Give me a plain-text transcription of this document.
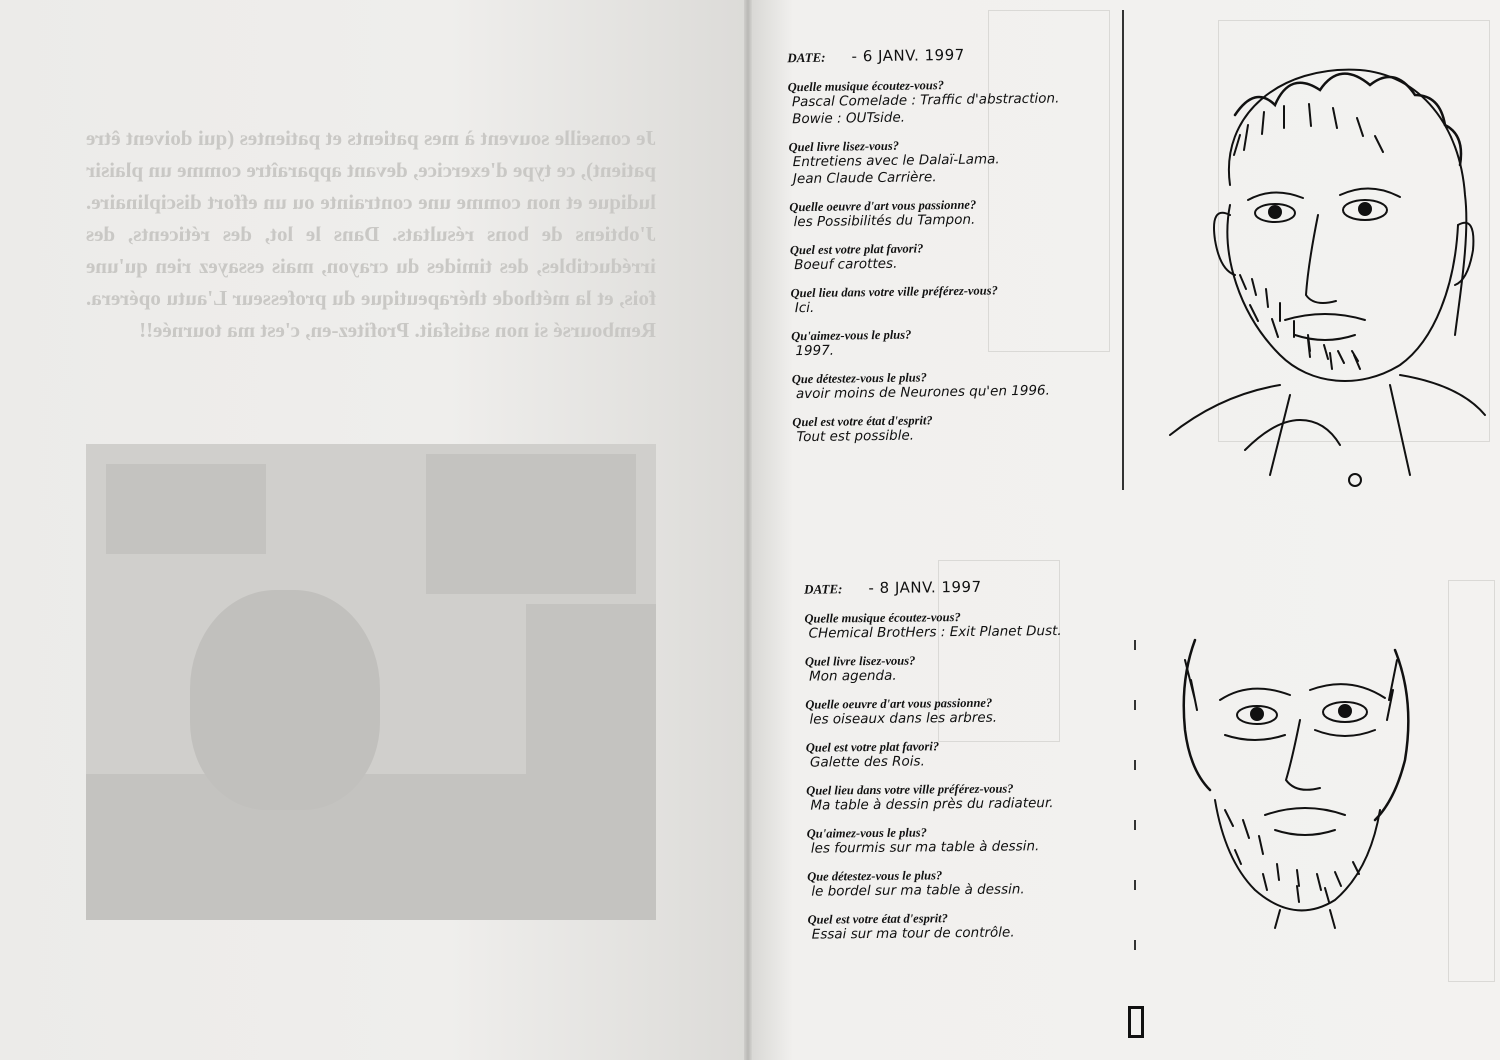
Je conseille souvent à mes patients et patientes (qui doivent être patient), ce type d'exercice, devant apparaître comme un plaisir ludique et non comme une contrainte ou un effort disciplinaire. J'obtiens de bons résultats. Dans le lot, des réticents, des irréductibles, des timides du crayon, mais essayez rien qu'une fois, et la méthode thérapeutique du professeur L'autu opérera. Remboursé si non satisfait. Profitez-en, c'est ma tournée!!
DATE: - 6 JANV. 1997
Quelle musique écoutez-vous?
Pascal Comelade : Traffic d'abstraction.
Bowie : OUTside.
Quel livre lisez-vous?
Entretiens avec le Dalaï-Lama.
Jean Claude Carrière.
Quelle oeuvre d'art vous passionne?
les Possibilités du Tampon.
Quel est votre plat favori?
Boeuf carottes.
Quel lieu dans votre ville préférez-vous?
Ici.
Qu'aimez-vous le plus?
1997.
Que détestez-vous le plus?
avoir moins de Neurones qu'en 1996.
Quel est votre état d'esprit?
Tout est possible.
DATE: - 8 JANV. 1997
Quelle musique écoutez-vous?
CHemical BrotHers : Exit Planet Dust.
Quel livre lisez-vous?
Mon agenda.
Quelle oeuvre d'art vous passionne?
les oiseaux dans les arbres.
Quel est votre plat favori?
Galette des Rois.
Quel lieu dans votre ville préférez-vous?
Ma table à dessin près du radiateur.
Qu'aimez-vous le plus?
les fourmis sur ma table à dessin.
Que détestez-vous le plus?
le bordel sur ma table à dessin.
Quel est votre état d'esprit?
Essai sur ma tour de contrôle.
